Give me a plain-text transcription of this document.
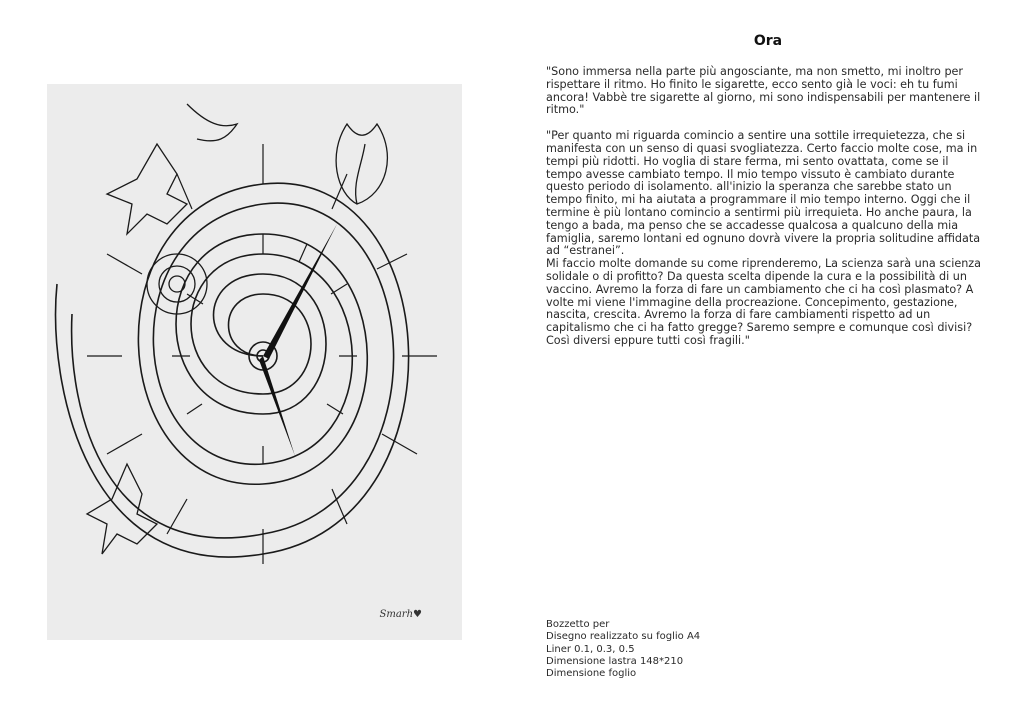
Smarh♥
Ora

"Sono immersa nella parte più angosciante, ma non smetto, mi inoltro per rispettare il ritmo. Ho finito le sigarette, ecco sento già le voci: eh tu fumi ancora! Vabbè tre sigarette al giorno, mi sono indispensabili per mantenere il ritmo."

"Per quanto mi riguarda comincio a sentire una sottile irrequietezza, che si manifesta con un senso di quasi svogliatezza. Certo faccio molte cose, ma in tempi più ridotti. Ho voglia di stare ferma, mi sento ovattata, come se il tempo avesse cambiato tempo. Il mio tempo vissuto è cambiato durante questo periodo di isolamento. all'inizio la speranza che sarebbe stato un tempo finito, mi ha aiutata a programmare il mio tempo interno. Oggi che il termine è più lontano comincio a sentirmi più irrequieta. Ho anche paura, la tengo a bada, ma penso che se accadesse qualcosa a qualcuno della mia famiglia, saremo lontani ed ognuno dovrà vivere la propria solitudine affidata ad “estranei”.

Mi faccio molte domande su come riprenderemo, La scienza sarà una scienza solidale o di profitto? Da questa scelta dipende la cura e la possibilità di un vaccino. Avremo la forza di fare un cambiamento che ci ha così plasmato? A volte mi viene l'immagine della procreazione. Concepimento, gestazione, nascita, crescita. Avremo la forza di fare cambiamenti rispetto ad un capitalismo che ci ha fatto gregge? Saremo sempre e comunque così divisi? Così diversi eppure tutti così fragili."

Bozzetto per
Disegno realizzato su foglio A4
Liner 0.1, 0.3, 0.5
Dimensione lastra 148*210
Dimensione foglio
